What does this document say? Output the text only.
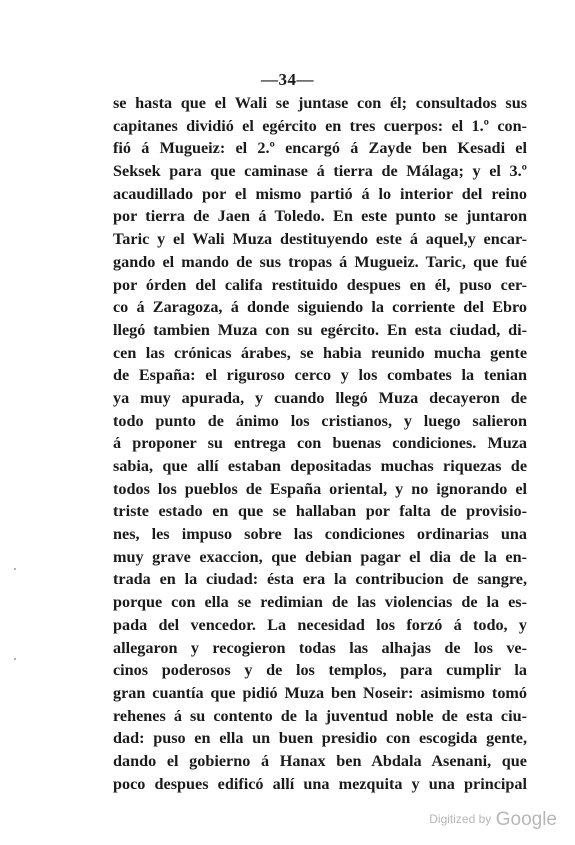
—34—
se hasta que el Wali se juntase con él; consultados sus
capitanes dividió el egército en tres cuerpos: el 1.º con-
fió á Mugueiz: el 2.º encargó á Zayde ben Kesadi el
Seksek para que caminase á tierra de Málaga; y el 3.º
acaudillado por el mismo partió á lo interior del reino
por tierra de Jaen á Toledo. En este punto se juntaron
Taric y el Wali Muza destituyendo este á aquel,y encar-
gando el mando de sus tropas á Mugueiz. Taric, que fué
por órden del califa restituido despues en él, puso cer-
co á Zaragoza, á donde siguiendo la corriente del Ebro
llegó tambien Muza con su egército. En esta ciudad, di-
cen las crónicas árabes, se habia reunido mucha gente
de España: el riguroso cerco y los combates la tenian
ya muy apurada, y cuando llegó Muza decayeron de
todo punto de ánimo los cristianos, y luego salieron
á proponer su entrega con buenas condiciones. Muza
sabia, que allí estaban depositadas muchas riquezas de
todos los pueblos de España oriental, y no ignorando el
triste estado en que se hallaban por falta de provisio-
nes, les impuso sobre las condiciones ordinarias una
muy grave exaccion, que debian pagar el dia de la en-
trada en la ciudad: ésta era la contribucion de sangre,
porque con ella se redimian de las violencias de la es-
pada del vencedor. La necesidad los forzó á todo, y
allegaron y recogieron todas las alhajas de los ve-
cinos poderosos y de los templos, para cumplir la
gran cuantía que pidió Muza ben Noseir: asimismo tomó
rehenes á su contento de la juventud noble de esta ciu-
dad: puso en ella un buen presidio con escogida gente,
dando el gobierno á Hanax ben Abdala Asenani, que
poco despues edificó allí una mezquita y una principal
Digitized by Google
